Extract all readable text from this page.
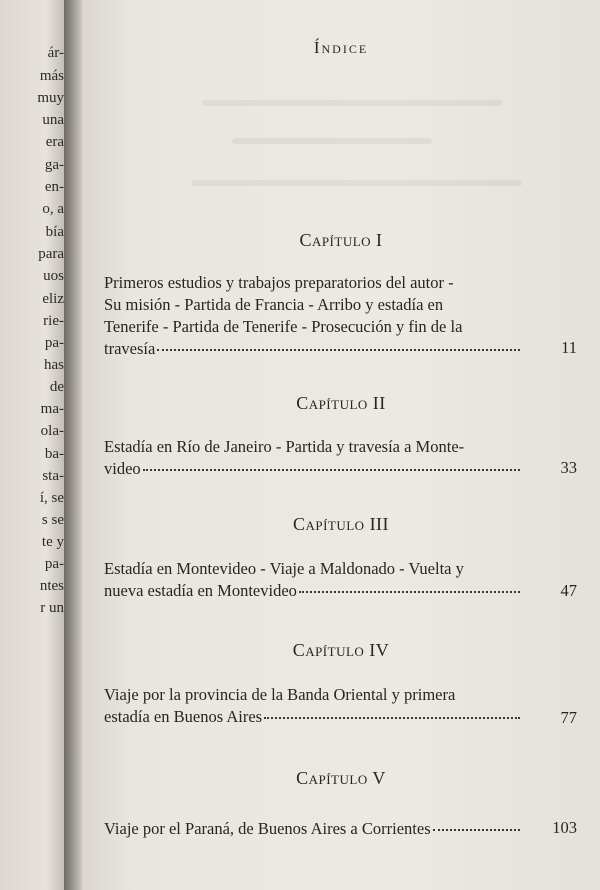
ár-
más
muy
una
era
ga-
en-
o, a
bía
para
uos
eliz
rie-
pa-
has
de
ma-
ola-
ba-
sta-
í, se
s se
te y
pa-
ntes
r un
Índice
Capítulo I
Primeros estudios y trabajos preparatorios del autor -
Su misión - Partida de Francia - Arribo y estadía en
Tenerife - Partida de Tenerife - Prosecución y fin de la
travesía	11
Capítulo II
Estadía en Río de Janeiro - Partida y travesía a Monte-
video	33
Capítulo III
Estadía en Montevideo - Viaje a Maldonado - Vuelta y
nueva estadía en Montevideo	47
Capítulo IV
Viaje por la provincia de la Banda Oriental y primera
estadía en Buenos Aires	77
Capítulo V
Viaje por el Paraná, de Buenos Aires a Corrientes	103
